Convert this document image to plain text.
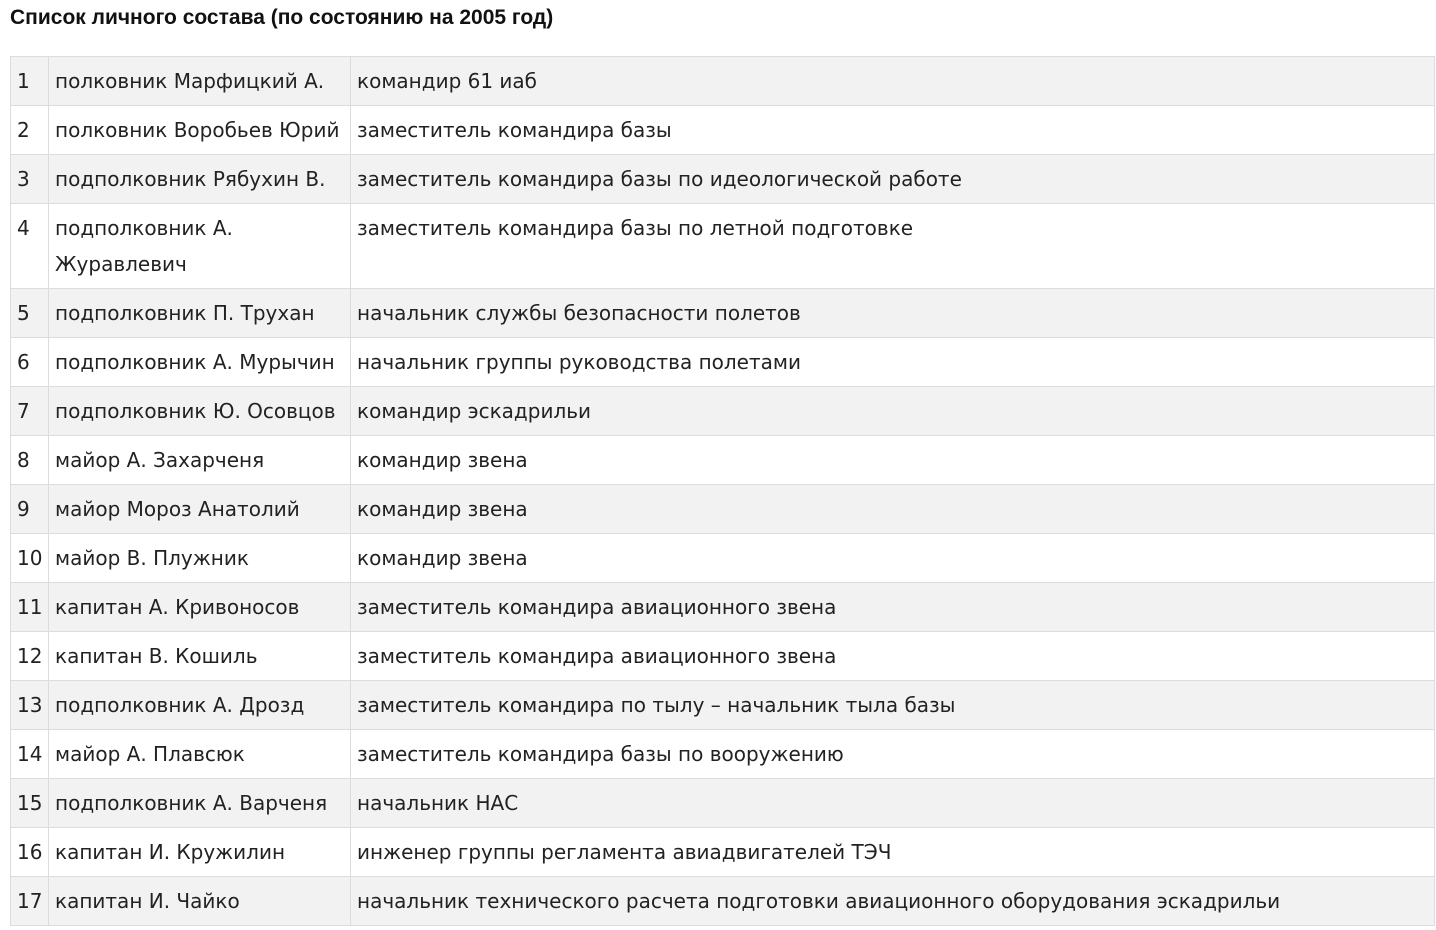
Список личного состава (по состоянию на 2005 год)
1	полковник Марфицкий А.	командир 61 иаб
2	полковник Воробьев Юрий	заместитель командира базы
3	подполковник Рябухин В.	заместитель командира базы по идеологической работе
4	подполковник А. Журавлевич	заместитель командира базы по летной подготовке
5	подполковник П. Трухан	начальник службы безопасности полетов
6	подполковник А. Мурычин	начальник группы руководства полетами
7	подполковник Ю. Осовцов	командир эскадрильи
8	майор А. Захарченя	командир звена
9	майор Мороз Анатолий	командир звена
10	майор В. Плужник	командир звена
11	капитан А. Кривоносов	заместитель командира авиационного звена
12	капитан В. Кошиль	заместитель командира авиационного звена
13	подполковник А. Дрозд	заместитель командира по тылу – начальник тыла базы
14	майор А. Плавсюк	заместитель командира базы по вооружению
15	подполковник А. Варченя	начальник НАС
16	капитан И. Кружилин	инженер группы регламента авиадвигателей ТЭЧ
17	капитан И. Чайко	начальник технического расчета подготовки авиационного оборудования эскадрильи
